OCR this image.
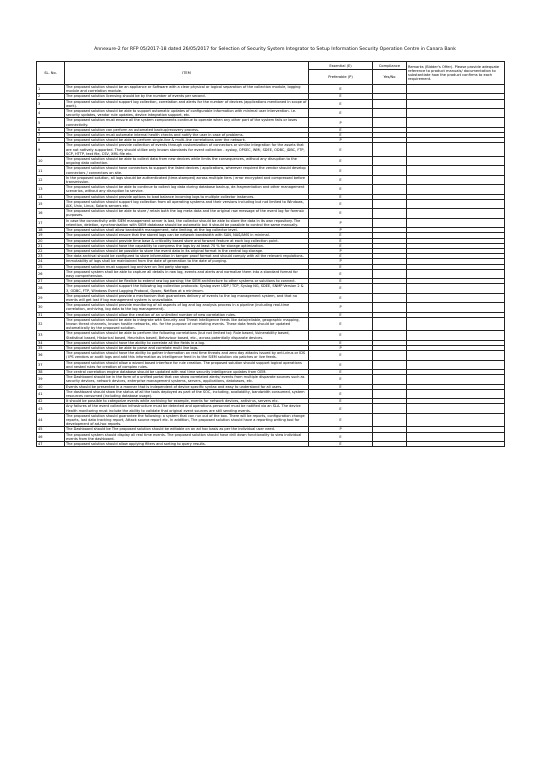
Annexure-2 for RFP 05/2017-18 dated 26/05/2017 for Selection of Security System Integrator to Setup Information Security Operation Centre in Canara Bank
SL. No.	ITEM	Essential (E)	Compliance	Remarks (Bidder's Offer). Please provide adequate reference to product manuals/ documentation to substantiate how the product confirms to each requirement.
		Preferable (P)	Yes/No	
1	The proposed solution should be an appliance or Software with a clear physical or logical separation of the collection module, logging module and correlation module.	E		
2	The proposed solution licensing should be by the number of events per second.	E		
3	The proposed solution should support log collection, correlation and alerts for the number of devices (applications mentioned in scope of work).	E		
4	The proposed solution should be able to support automatic updates of configurable information with minimal user intervention. i.e. security updates, vendor rule updates, device integration support, etc.	E		
5	The proposed solution must ensure all the system components continue to operate when any other part of the system fails or loses connectivity.	P		
6	The proposed solution can perform an automated backup/recovery process.	E		
7	The proposed solution must automate internal health checks and notify the user in case of problems.	E		
8	The proposed solution should be able to perform single-line & multi-line correlations over the network.	P		
9	The proposed solution should provide collection of events through customization of connectors or similar integration for the assets that are not natively supported. They should utilize only known standards for event collection - syslog, OPSEC, WMI, SDEE, ODBC, JDBC, FTP, SCP, HTTP, text file, CSV, XML file etc.	E		
10	The proposed solution should be able to collect data from new devices while limits the consequences, without any disruption to the ongoing data collection.	E		
11	The proposed solution should have connectors to support the listed devices / applications, wherever required the vendor should develop connectors / connectors on site.	E		
12	In the proposed solution, all logs should be authenticated (time-stamped) across multiple tiers / error encrypted and compressed before transmission.	E		
13	The proposed solution should be able to continue to collect log data during database backup, de-fragmentation and other management scenarios, without any disruption to service.	E		
14	The proposed solution should provide options to load balance incoming logs to multiple collector instances.	E		
15	The proposed solution should support log collection from all operating systems and their versions including but not limited to Windows, AIX, Unix, Linux, Solaris servers etc.	E		
16	The proposed solution should be able to store / retain both the log meta data and the original raw message of the event log for forensic purposes.	E		
17	In case the connectivity with SIEM management server is lost, the collector should be able to store the data in its own repository. The retention, deletion, synchronisation with SIEM database should be automatic but it should be possible to control the same manually.	P		
18	The proposed solution shall allow bandwidth management, rate limiting, at the log collector level.	P		
19	The proposed solution should ensure that the stored logs can be network bandwidth with SAN, NAS/AMS in minimal.	E		
20	The proposed solution should provide time base & criticality based store and forward feature at each log collection point.	E		
21	The proposed solution should have the capability to compress the logs by at least 70 % for storage optimization.	E		
22	The proposed solution should be possible to store the event data in its original format in the central log storage.	P		
23	The data archival should be configured to store information in tamper proof format and should comply with all the relevant regulations.	E		
24	Immutability of logs shall be maintained from the date of generation to the date of purging.	P		
25	The proposed solution must support log archiver on 3rd party storage.	E		
26	The proposed system shall be able to capture all details in raw log, events and alerts and normalize them into a standard format for easy comprehension.	E		
27	The proposed solution should be flexible to extend raw log parsing; the SIEM architecture to other systems or solutions to connect.	E		
28	The proposed solution should support the following log collection protocols: Syslog over UDP / TCP, Syslog NG, SDEE, SNMP Version 2 & 3, ODBC, FTP, Windows Event Logging Protocol, Opsec, Netflow at a minimum.	E		
29	The proposed solution should provide a mechanism that guarantees delivery of events to the log management system, and that no events will get lost if log management system is unavailable.	E		
30	The proposed solution should provide monitoring of all aspects of log and log analysis process in a pipeline (including real-time correlation, archiving, log data to the log management).	P		
31	The proposed solution should allow the creation of an unlimited number of new correlation rules.	E		
32	The proposed solution should be able to integrate with Security and Threat Intelligence feeds like data/reliable, geographic mapping, known threat channels, known hostile networks, etc. for the purpose of correlating events. These data feeds should be updated automatically by the proposed solution.	E		
33	The proposed solution should be able to perform the following correlations (but not limited to): Rule based, Vulnerability based, Statistical based, Historical based, Heuristics based, Behaviour based, etc., across potentially disparate devices.	E		
34	The proposed solution should have the ability to correlate all the fields in a log.	E		
35	The proposed solution should be able to parse and correlate multi line logs.	P		
36	The proposed solution should have the ability to gather information on real time threats and zero day attacks issued by anti-virus or IDS / IPS vendors or audit logs and add this information as intelligence feed in to the SIEM solution via patches or live feeds.	E		
37	The proposed solution should allow a wizard based interface for rule creation. The proposed solution should support logical operations and nested rules for creation of complex rules.	E		
38	The central correlation engine database should be updated with real time security intelligence updates from OEM.	E		
39	The Dashboard should be in the form of a unified portal that can show correlated alerts/ events from multiple disparate sources such as security devices, network devices, enterprise management systems, servers, applications, databases, etc.	E		
40	Events should be presented in a manner that is independent of device specific syntax and easy to understand for all users.	E		
41	The dashboard should show the status of all the tools deployed as part of the SOC, including, availability, bandwidth consumed, system resources consumed (including database usage).	E		
42	It should be possible to categorize events while archiving for example, events for network devices, antivirus, servers etc.	E		
43	Any failures of the event collection infrastructure must be detected and operations personnel must be notified via an SLA. The device Health monitoring must include the ability to validate that original event sources are still sending events.	E		
44	The proposed solution should guarantee the following: a system that can run out of the box. There will be reports, configuration change reports, lost data tracking report, Attack source report etc. In addition, The proposed solution should have a reporting writing tool for development of ad-hoc reports.	E		
45	The Dashboard should be The proposed solution should be editable on an ad hoc basis as per the individual user need.	P		
46	The proposed system should display all real time events. The proposed solution should have drill down functionality to view individual events from the dashboard.	E		
47	The proposed solution should allow applying filters and sorting to query results.	E		
